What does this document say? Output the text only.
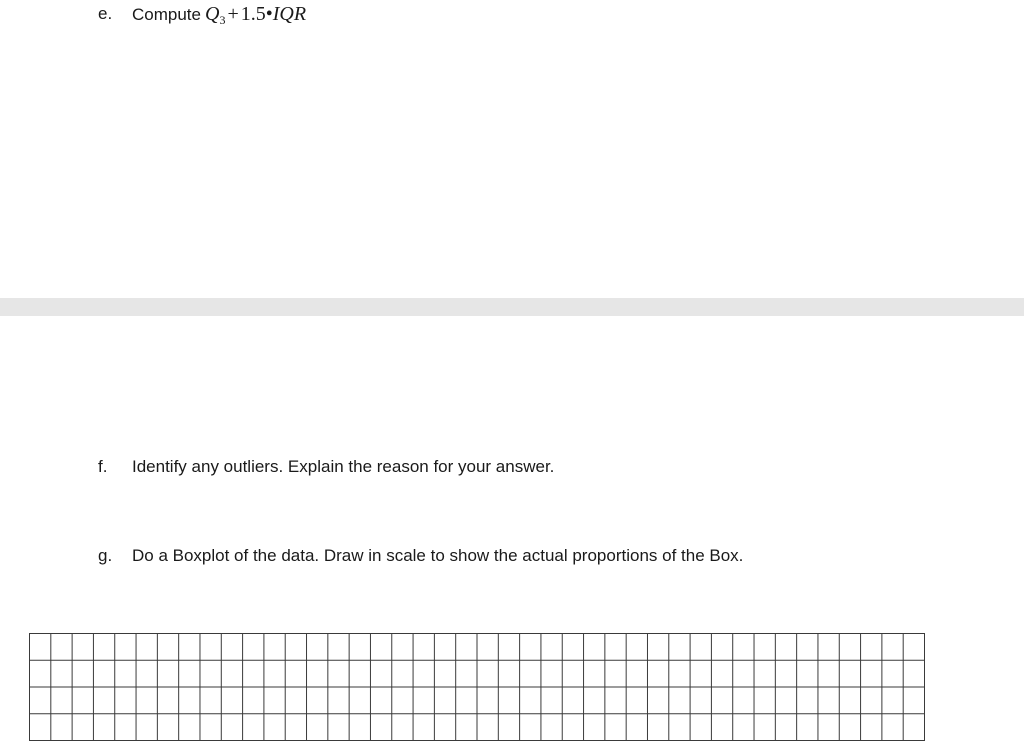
e. Compute $Q_3$ + 1.5•IQR
f. Identify any outliers. Explain the reason for your answer.
g. Do a Boxplot of the data. Draw in scale to show the actual proportions of the Box.
